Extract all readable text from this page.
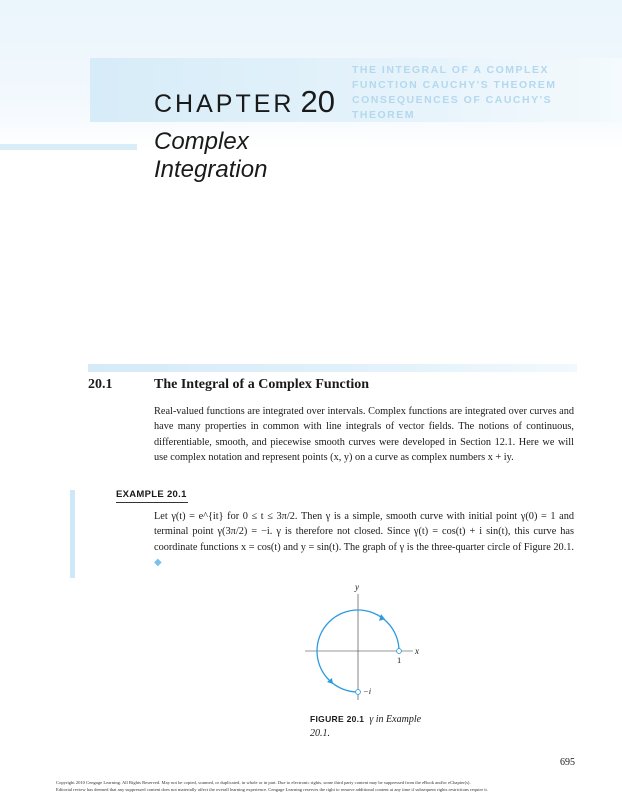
CHAPTER 20
THE INTEGRAL OF A COMPLEX
FUNCTION CAUCHY'S THEOREM
CONSEQUENCES OF CAUCHY'S
THEOREM
Complex
Integration
20.1	The Integral of a Complex Function
Real-valued functions are integrated over intervals. Complex functions are integrated over curves and have many properties in common with line integrals of vector fields. The notions of continuous, differentiable, smooth, and piecewise smooth curves were developed in Section 12.1. Here we will use complex notation and represent points (x, y) on a curve as complex numbers x + iy.
EXAMPLE 20.1
Let γ(t) = e^{it} for 0 ≤ t ≤ 3π/2. Then γ is a simple, smooth curve with initial point γ(0) = 1 and terminal point γ(3π/2) = −i. γ is therefore not closed. Since γ(t) = cos(t) + i sin(t), this curve has coordinate functions x = cos(t) and y = sin(t). The graph of γ is the three-quarter circle of Figure 20.1. ◆
y
x
1
−i
FIGURE 20.1 γ in Example 20.1.
695
Copyright 2010 Cengage Learning. All Rights Reserved. May not be copied, scanned, or duplicated, in whole or in part. Due to electronic rights, some third party content may be suppressed from the eBook and/or eChapter(s).
Editorial review has deemed that any suppressed content does not materially affect the overall learning experience. Cengage Learning reserves the right to remove additional content at any time if subsequent rights restrictions require it.
